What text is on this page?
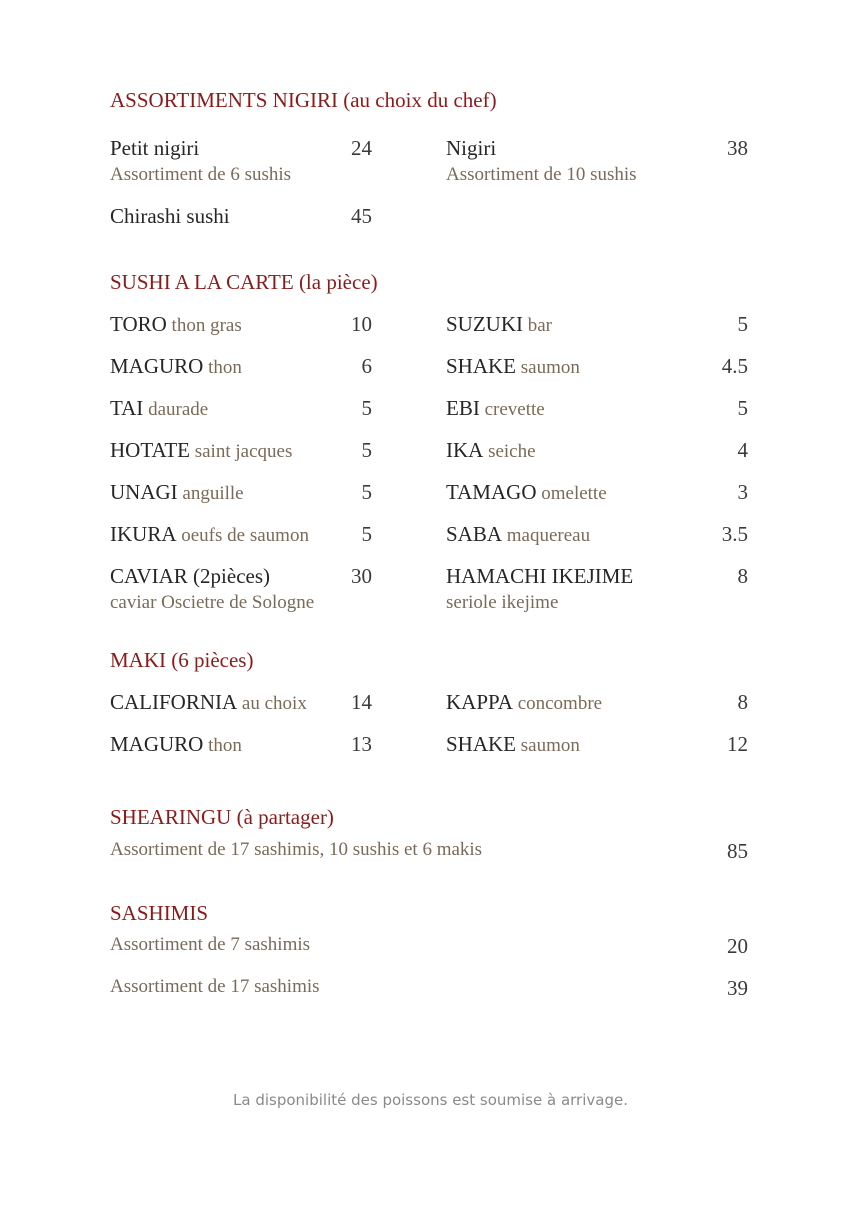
ASSORTIMENTS NIGIRI (au choix du chef)
Petit nigiri	24
Assortiment de 6 sushis
Nigiri	38
Assortiment de 10 sushis
Chirashi sushi	45
SUSHI A LA CARTE (la pièce)
TORO thon gras	10	SUZUKI bar	5
MAGURO thon	6	SHAKE saumon	4.5
TAI daurade	5	EBI crevette	5
HOTATE saint jacques	5	IKA seiche	4
UNAGI anguille	5	TAMAGO omelette	3
IKURA oeufs de saumon	5	SABA maquereau	3.5
CAVIAR (2pièces)	30
caviar Oscietre de Sologne
HAMACHI IKEJIME	8
seriole ikejime
MAKI (6 pièces)
CALIFORNIA au choix 14	KAPPA concombre	8
MAGURO thon	13	SHAKE saumon	12
SHEARINGU (à partager)
Assortiment de 17 sashimis, 10 sushis et 6 makis	85
SASHIMIS
Assortiment de 7 sashimis	20
Assortiment de 17 sashimis	39
La disponibilité des poissons est soumise à arrivage.
